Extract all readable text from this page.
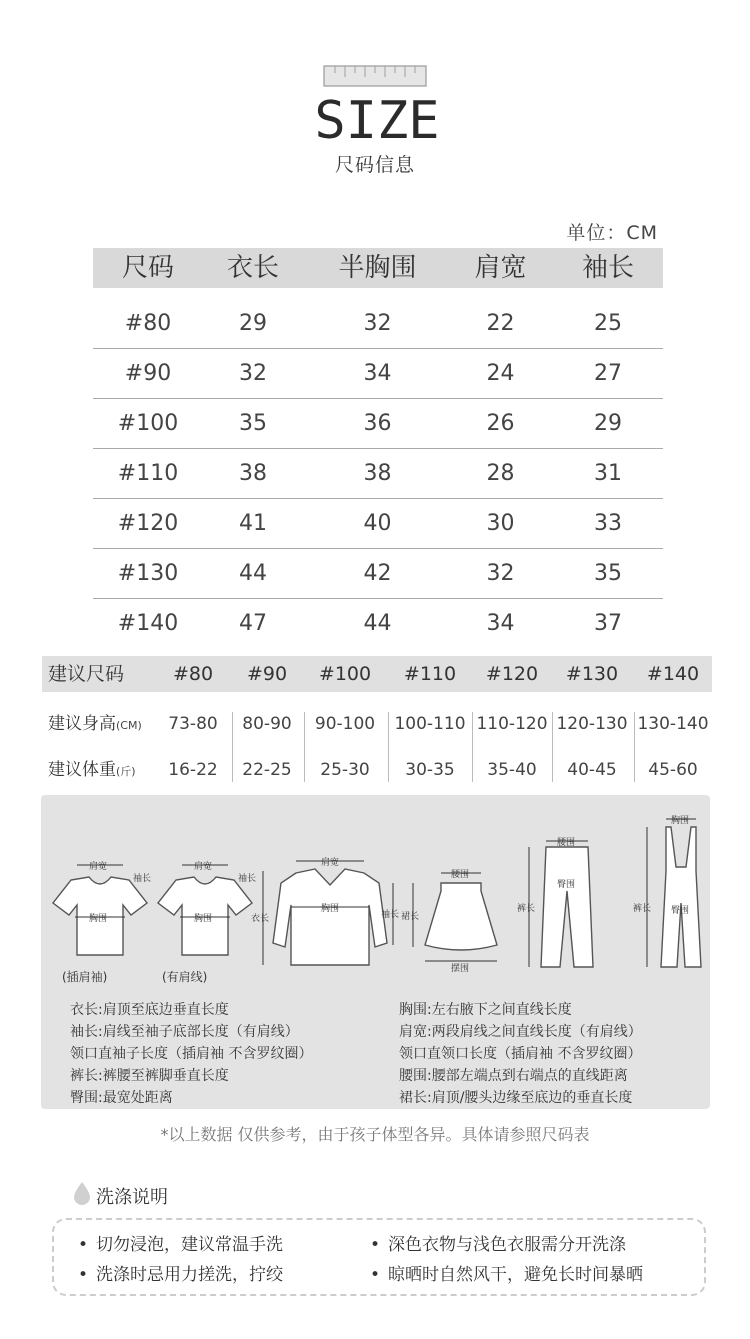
SIZE
尺码信息
单位：CM
尺码	衣长	半胸围	肩宽	袖长
#80	29	32	22	25
#90	32	34	24	27
#100	35	36	26	29
#110	38	38	28	31
#120	41	40	30	33
#130	44	42	32	35
#140	47	44	34	37
建议尺码	#80	#90	#100	#110	#120	#130	#140
建议身高(CM)	73-80	80-90	90-100	100-110 110-120 120-130 130-140
建议体重(斤)	16-22	22-25	25-30	30-35	35-40	40-45	45-60
肩宽
胸围
袖长
肩宽
胸围
袖长
肩宽
胸围
衣长	袖长
腰围
摆围
裙长
腰围
臀围
裤长
胸围
臀围
裤长
(插肩袖)	(有肩线)
衣长:肩顶至底边垂直长度
袖长:肩线至袖子底部长度（有肩线）
领口直袖子长度（插肩袖 不含罗纹圈）
裤长:裤腰至裤脚垂直长度
臀围:最宽处距离
胸围:左右腋下之间直线长度
肩宽:两段肩线之间直线长度（有肩线）
领口直领口长度（插肩袖 不含罗纹圈）
腰围:腰部左端点到右端点的直线距离
裙长:肩顶/腰头边缘至底边的垂直长度
*以上数据 仅供参考，由于孩子体型各异。具体请参照尺码表
洗涤说明
• 切勿浸泡，建议常温手洗	• 深色衣物与浅色衣服需分开洗涤
• 洗涤时忌用力搓洗，拧绞	• 晾晒时自然风干，避免长时间暴晒
